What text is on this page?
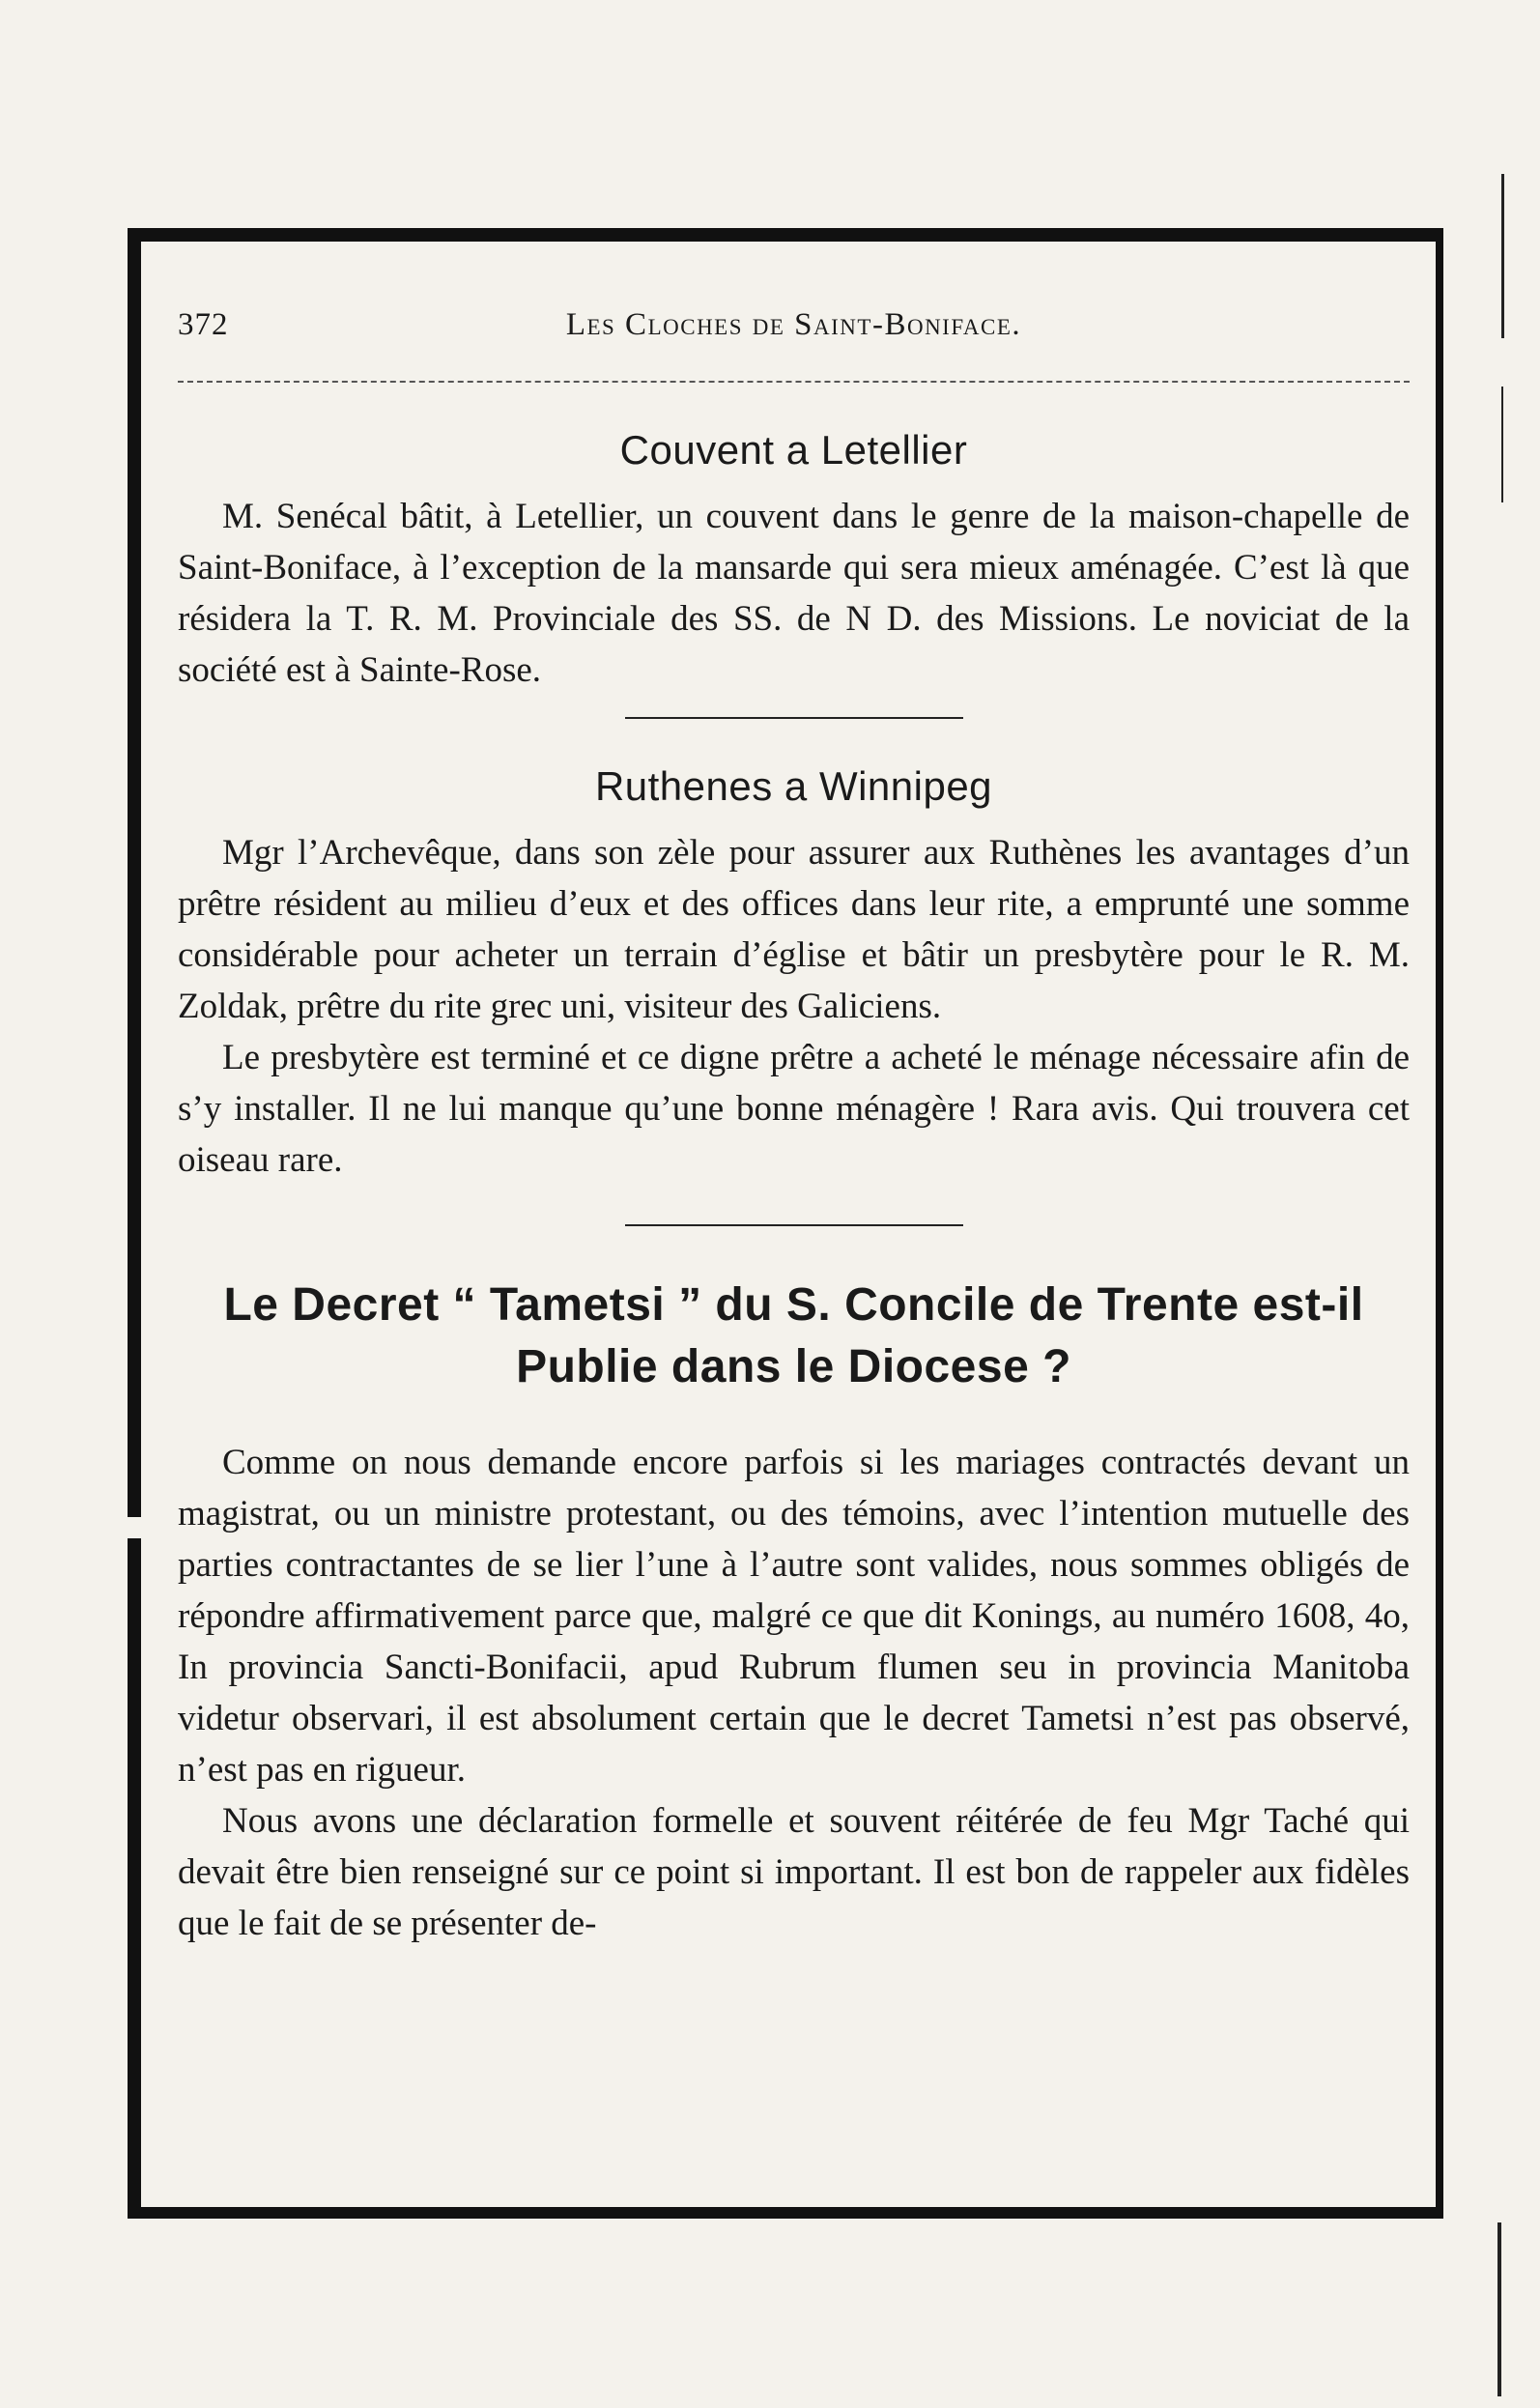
372	Les Cloches de Saint-Boniface.
Couvent a Letellier

M. Senécal bâtit, à Letellier, un couvent dans le genre de la maison-chapelle de Saint-Boniface, à l’exception de la mansarde qui sera mieux aménagée. C’est là que résidera la T. R. M. Provinciale des SS. de N D. des Missions. Le noviciat de la société est à Sainte-Rose.

Ruthenes a Winnipeg

Mgr l’Archevêque, dans son zèle pour assurer aux Ruthènes les avantages d’un prêtre résident au milieu d’eux et des offices dans leur rite, a emprunté une somme considérable pour acheter un terrain d’église et bâtir un presbytère pour le R. M. Zoldak, prêtre du rite grec uni, visiteur des Galiciens.

Le presbytère est terminé et ce digne prêtre a acheté le ménage nécessaire afin de s’y installer. Il ne lui manque qu’une bonne ménagère ! Rara avis. Qui trouvera cet oiseau rare.

Le Decret “ Tametsi ” du S. Concile de Trente est-il Publie dans le Diocese ?

Comme on nous demande encore parfois si les mariages contractés devant un magistrat, ou un ministre protestant, ou des témoins, avec l’intention mutuelle des parties contractantes de se lier l’une à l’autre sont valides, nous sommes obligés de répondre affirmativement parce que, malgré ce que dit Konings, au numéro 1608, 4o, In provincia Sancti-Bonifacii, apud Rubrum flumen seu in provincia Manitoba videtur observari, il est absolument certain que le decret Tametsi n’est pas observé, n’est pas en rigueur.

Nous avons une déclaration formelle et souvent réitérée de feu Mgr Taché qui devait être bien renseigné sur ce point si important. Il est bon de rappeler aux fidèles que le fait de se présenter de-
